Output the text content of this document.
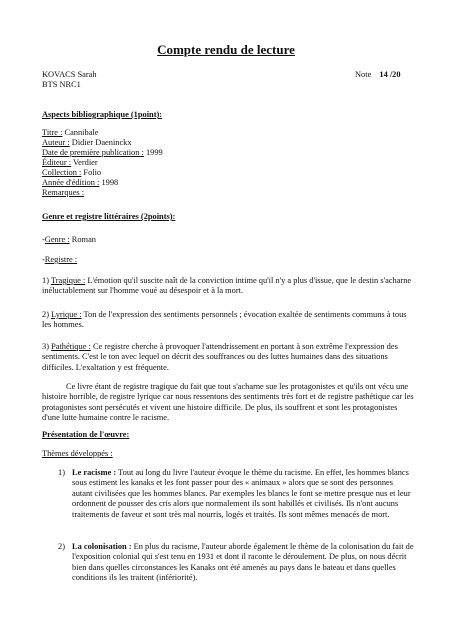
Compte rendu de lecture
KOVACS Sarah
BTS NRC1
Note 14 /20
Aspects bibliographique (1point):
Titre : Cannibale
Auteur : Didier Daeninckx
Date de première publication : 1999
Éditeur : Verdier
Collection : Folio
Année d'édition : 1998
Remarques :
Genre et registre littéraires (2points):
-Genre : Roman
-Registre :
1) Tragique : L'émotion qu'il suscite naît de la conviction intime qu'il n'y a plus d'issue, que le destin s'acharne inéluctablement sur l'homme voué au désespoir et à la mort.
2) Lyrique : Ton de l'expression des sentiments personnels ; évocation exaltée de sentiments communs à tous les hommes.
3) Pathétique : Ce registre cherche à provoquer l'attendrissement en portant à son extrême l'expression des sentiments. C'est le ton avec lequel on décrit des souffrances ou des luttes humaines dans des situations difficiles. L'exaltation y est fréquente.
Ce livre étant de registre tragique du fait que tout s'acharne sue les protagonistes et qu'ils ont vécu une histoire horrible, de registre lyrique car nous ressentons des sentiments très fort et de registre pathétique car les protagonistes sont persécutés et vivent une histoire difficile. De plus, ils souffrent et sont les protagonistes d'une lutte humaine contre le racisme.
Présentation de l'œuvre:
Thèmes développés :
1) Le racisme : Tout au long du livre l'auteur évoque le thème du racisme. En effet, les hommes blancs sous estiment les kanaks et les font passer pour des « animaux » alors que se sont des personnes autant civilisées que les hommes blancs. Par exemples les blancs le font se mettre presque nus et leur ordonnent de pousser des cris alors que normalement ils sont habillés et civilisés. Ils n'ont aucuns traitements de faveur et sont très mal nourris, logés et traités. Ils sont mêmes menacés de mort.
2) La colonisation : En plus du racisme, l'auteur aborde également le thème de la colonisation du fait de l'exposition colonial qui s'est tenu en 1931 et dont il raconte le déroulement. De plus, on nous décrit bien dans quelles circonstances les Kanaks ont été amenés au pays dans le bateau et dans quelles conditions ils les traitent (infériorité).
